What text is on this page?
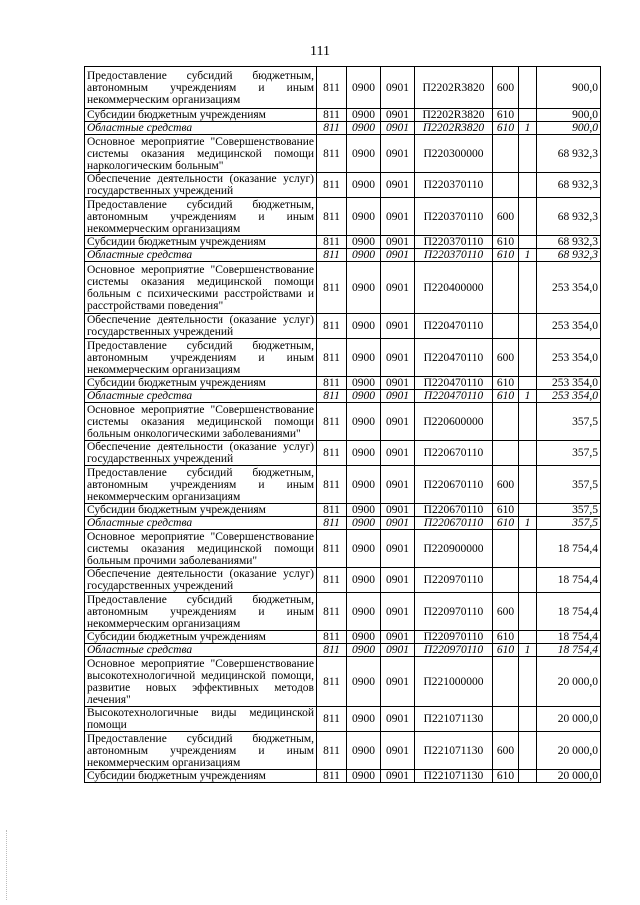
111
Предоставление субсидий бюджетным, автономным учреждениям и иным некоммерческим организациям	811	0900	0901	П2202R3820	600		900,0
Субсидии бюджетным учреждениям	811	0900	0901	П2202R3820	610		900,0
Областные средства	811	0900	0901	П2202R3820	610	1	900,0
Основное мероприятие "Совершенствование системы оказания медицинской помощи наркологическим больным"	811	0900	0901	П220300000			68 932,3
Обеспечение деятельности (оказание услуг) государственных учреждений	811	0900	0901	П220370110			68 932,3
Предоставление субсидий бюджетным, автономным учреждениям и иным некоммерческим организациям	811	0900	0901	П220370110	600		68 932,3
Субсидии бюджетным учреждениям	811	0900	0901	П220370110	610		68 932,3
Областные средства	811	0900	0901	П220370110	610	1	68 932,3
Основное мероприятие "Совершенствование системы оказания медицинской помощи больным с психическими расстройствами и расстройствами поведения"	811	0900	0901	П220400000			253 354,0
Обеспечение деятельности (оказание услуг) государственных учреждений	811	0900	0901	П220470110			253 354,0
Предоставление субсидий бюджетным, автономным учреждениям и иным некоммерческим организациям	811	0900	0901	П220470110	600		253 354,0
Субсидии бюджетным учреждениям	811	0900	0901	П220470110	610		253 354,0
Областные средства	811	0900	0901	П220470110	610	1	253 354,0
Основное мероприятие "Совершенствование системы оказания медицинской помощи больным онкологическими заболеваниями"	811	0900	0901	П220600000			357,5
Обеспечение деятельности (оказание услуг) государственных учреждений	811	0900	0901	П220670110			357,5
Предоставление субсидий бюджетным, автономным учреждениям и иным некоммерческим организациям	811	0900	0901	П220670110	600		357,5
Субсидии бюджетным учреждениям	811	0900	0901	П220670110	610		357,5
Областные средства	811	0900	0901	П220670110	610	1	357,5
Основное мероприятие "Совершенствование системы оказания медицинской помощи больным прочими заболеваниями"	811	0900	0901	П220900000			18 754,4
Обеспечение деятельности (оказание услуг) государственных учреждений	811	0900	0901	П220970110			18 754,4
Предоставление субсидий бюджетным, автономным учреждениям и иным некоммерческим организациям	811	0900	0901	П220970110	600		18 754,4
Субсидии бюджетным учреждениям	811	0900	0901	П220970110	610		18 754,4
Областные средства	811	0900	0901	П220970110	610	1	18 754,4
Основное мероприятие "Совершенствование высокотехнологичной медицинской помощи, развитие новых эффективных методов лечения"	811	0900	0901	П221000000			20 000,0
Высокотехнологичные виды медицинской помощи	811	0900	0901	П221071130			20 000,0
Предоставление субсидий бюджетным, автономным учреждениям и иным некоммерческим организациям	811	0900	0901	П221071130	600		20 000,0
Субсидии бюджетным учреждениям	811	0900	0901	П221071130	610		20 000,0
